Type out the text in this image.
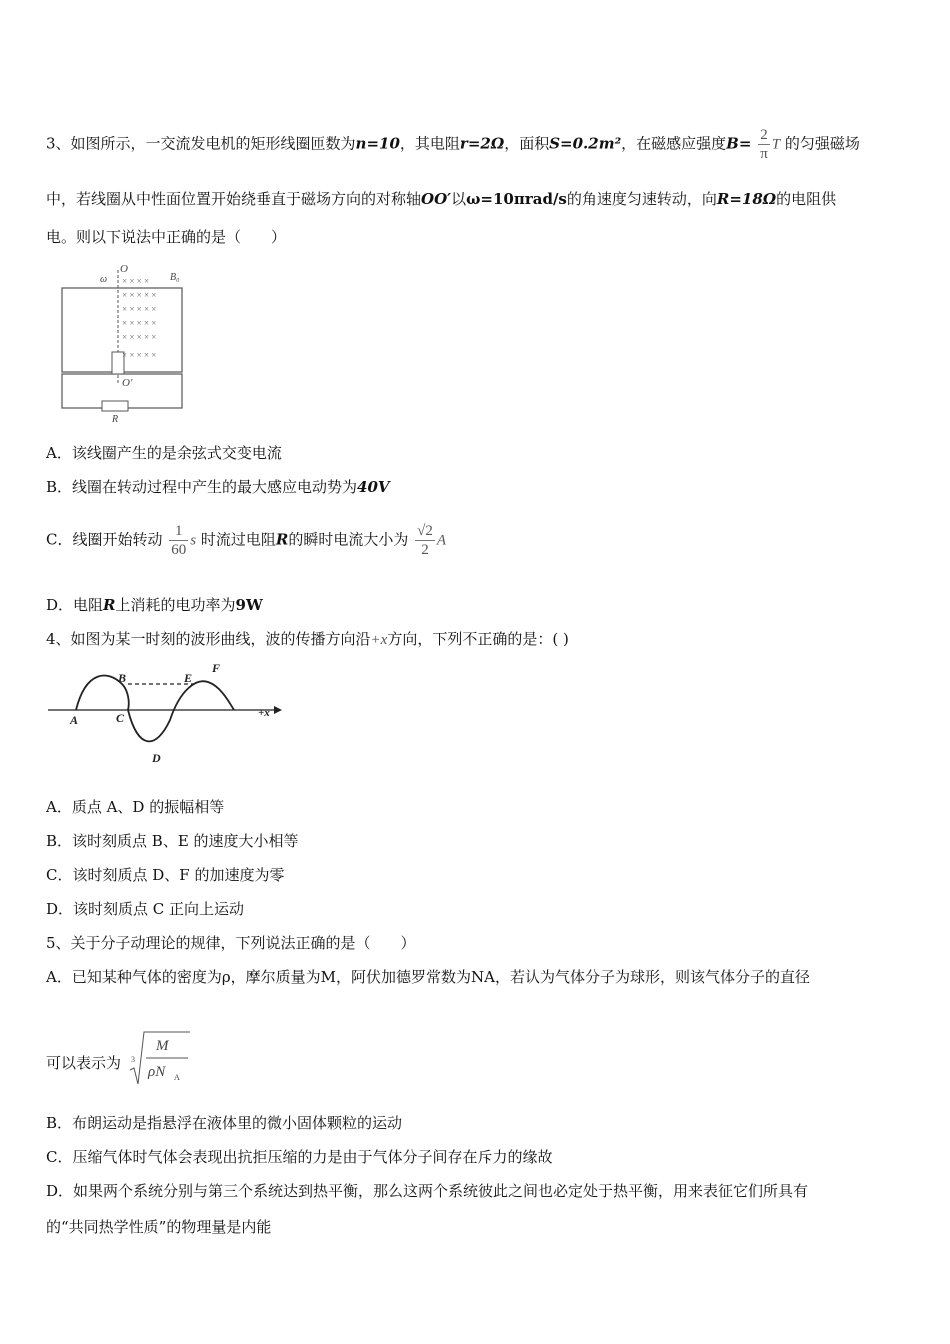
3、如图所示，一交流发电机的矩形线圈匝数为n=10，其电阻r=2Ω，面积S=0.2m²，在磁感应强度$B= \frac{2}{\pi}$ T 的匀强磁场
中，若线圈从中性面位置开始绕垂直于磁场方向的对称轴OO′以ω=10πrad/s的角速度匀速转动，向R=18Ω的电阻供
电。则以下说法中正确的是（　　）
× × × ×
× × × × ×
× × × × ×
× × × × ×
× × × × ×
× × × × ×
O
B₀
ω
O′
R
A．该线圈产生的是余弦式交变电流
B．线圈在转动过程中产生的最大感应电动势为40V
C．线圈开始转动 $\frac{1}{60}$ s 时流过电阻R的瞬时电流大小为 $\frac{√2}{2}$ A
D．电阻R上消耗的电功率为9W
4、如图为某一时刻的波形曲线，波的传播方向沿+x方向，下列不正确的是：( )
A
B
C
D
E
F
+x
A．质点 A、D 的振幅相等
B．该时刻质点 B、E 的速度大小相等
C．该时刻质点 D、F 的加速度为零
D．该时刻质点 C 正向上运动
5、关于分子动理论的规律，下列说法正确的是（　　）
A．已知某种气体的密度为ρ，摩尔质量为M，阿伏加德罗常数为NA，若认为气体分子为球形，则该气体分子的直径
可以表示为 3
M
ρN A
B．布朗运动是指悬浮在液体里的微小固体颗粒的运动
C．压缩气体时气体会表现出抗拒压缩的力是由于气体分子间存在斥力的缘故
D．如果两个系统分别与第三个系统达到热平衡，那么这两个系统彼此之间也必定处于热平衡，用来表征它们所具有
的“共同热学性质”的物理量是内能
